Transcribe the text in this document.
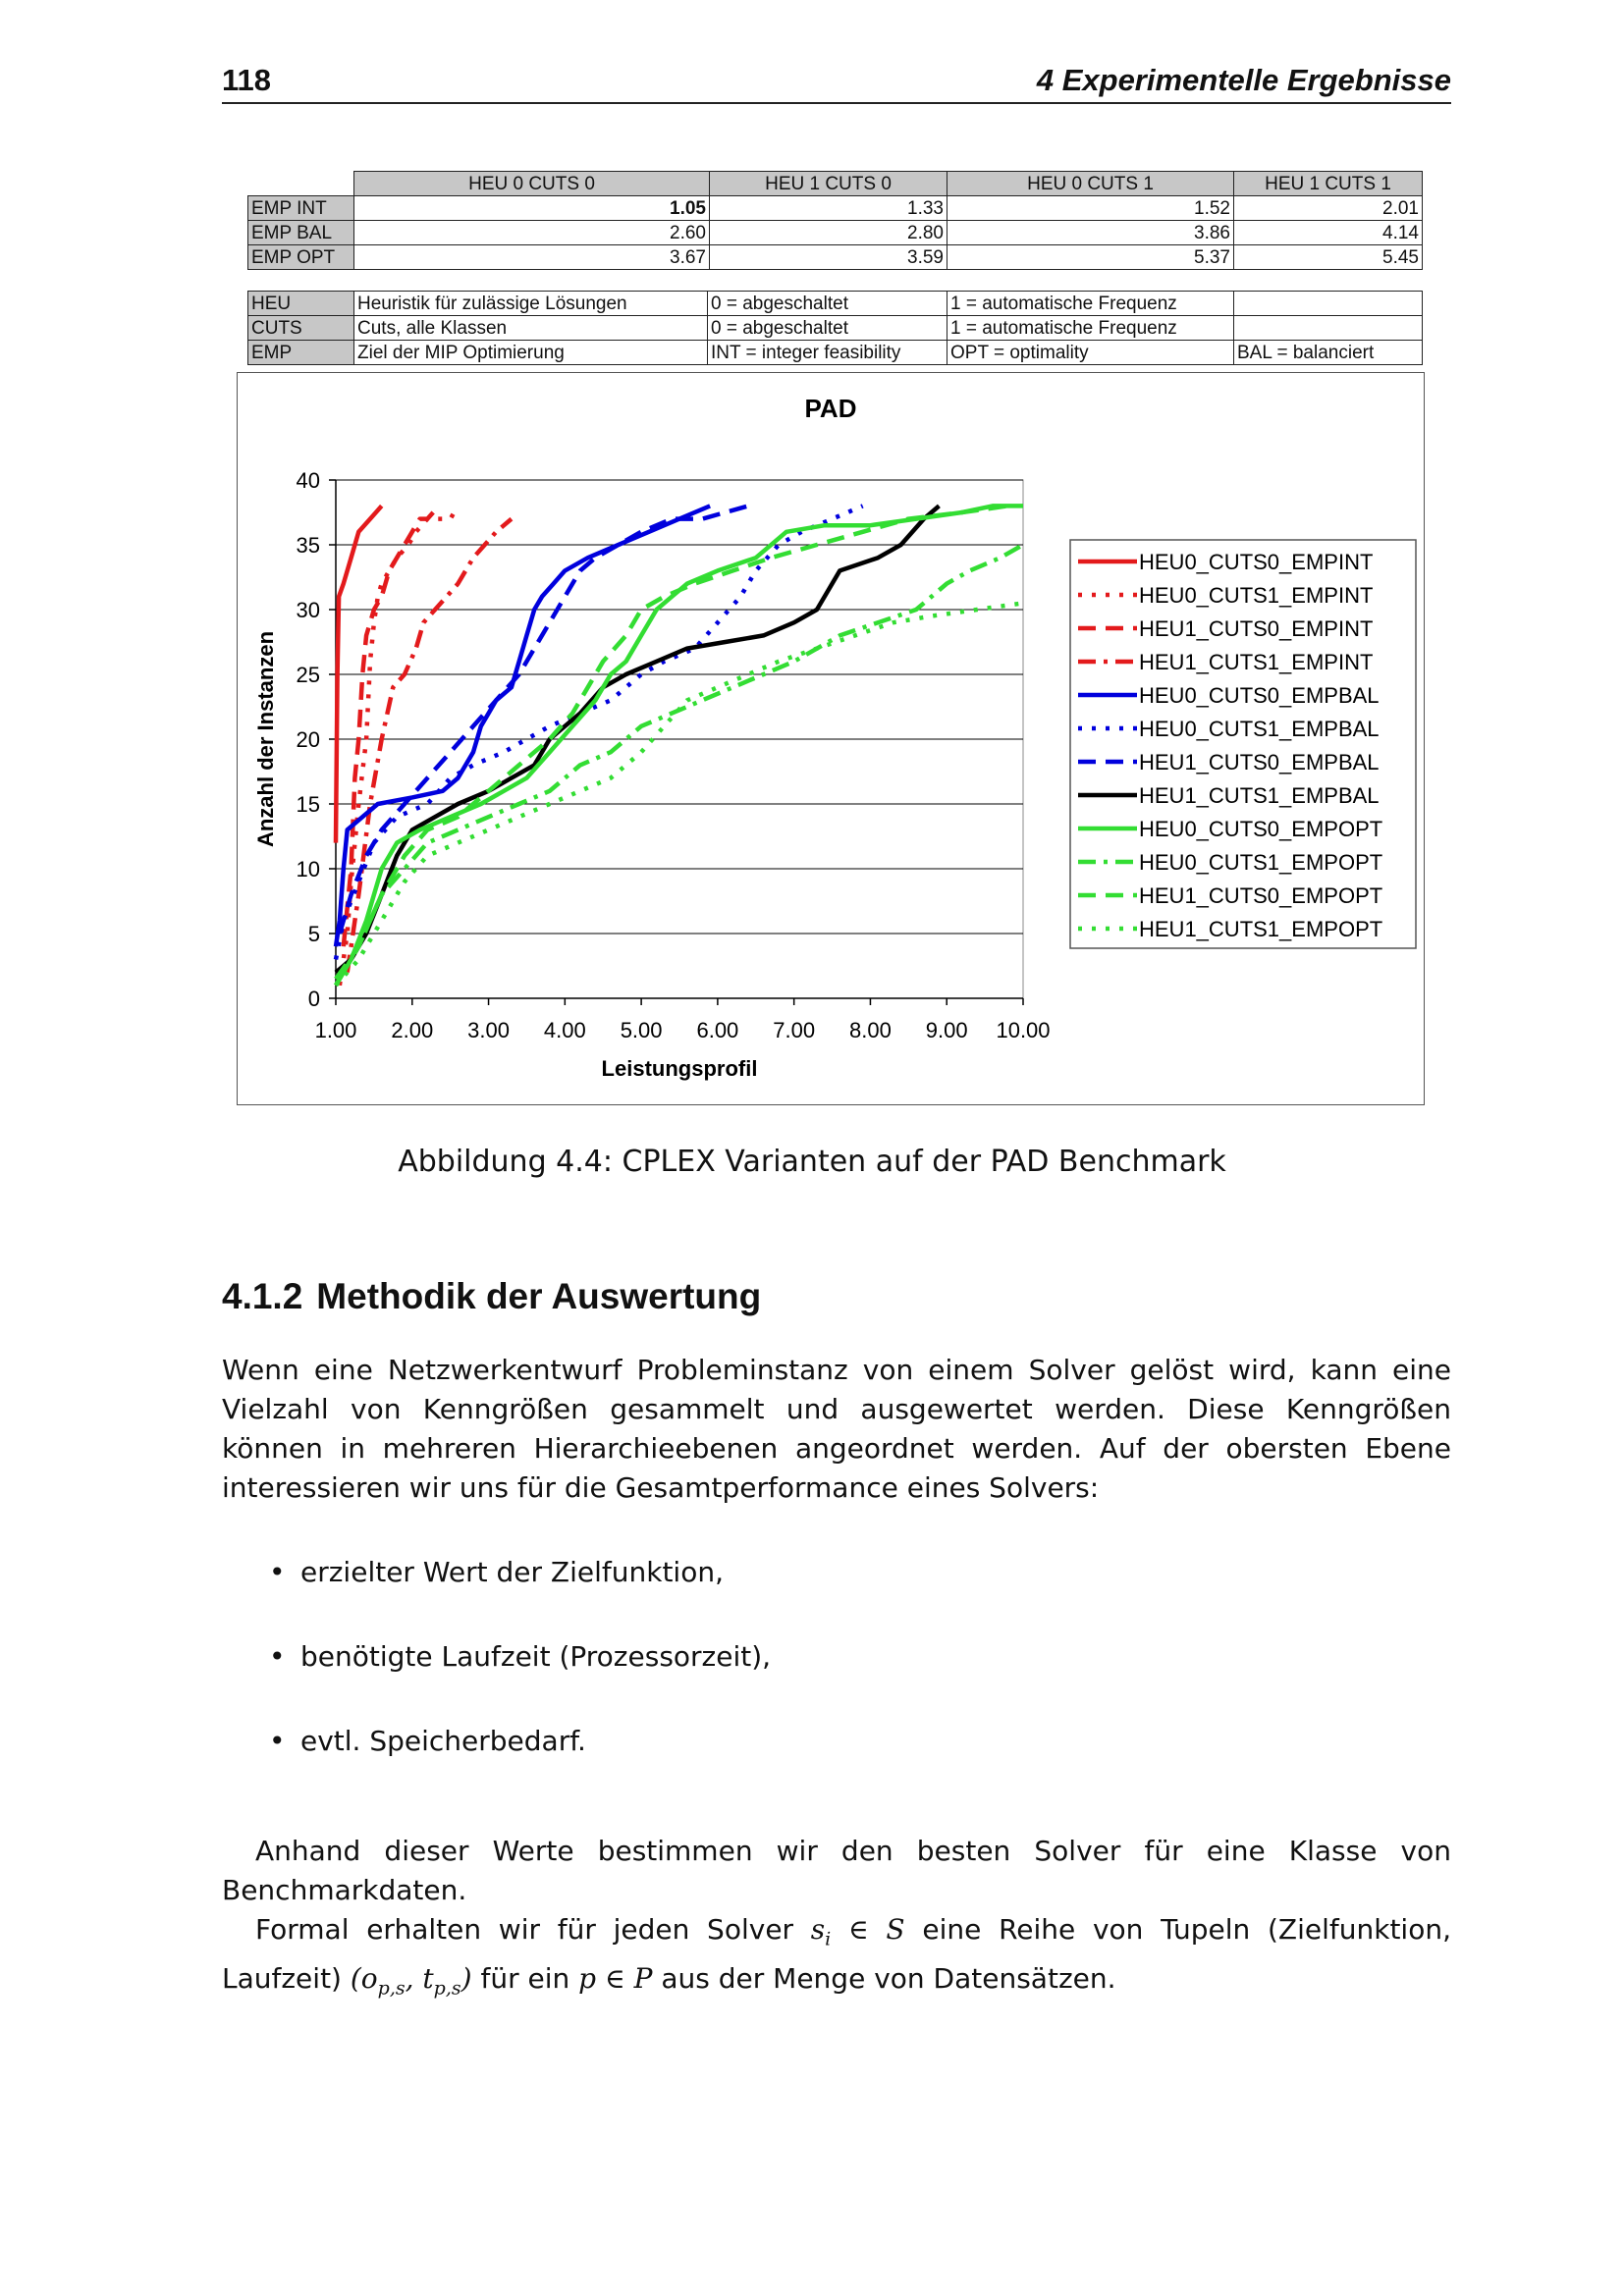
118	4 Experimentelle Ergebnisse
	HEU 0 CUTS 0	HEU 1 CUTS 0	HEU 0 CUTS 1	HEU 1 CUTS 1
EMP INT	1.05	1.33	1.52	2.01
EMP BAL	2.60	2.80	3.86	4.14
EMP OPT	3.67	3.59	5.37	5.45
HEU	Heuristik für zulässige Lösungen	0 = abgeschaltet	1 = automatische Frequenz	
CUTS	Cuts, alle Klassen	0 = abgeschaltet	1 = automatische Frequenz	
EMP	Ziel der MIP Optimierung	INT = integer feasibility	OPT = optimality	BAL = balanciert
PAD
0
5
10
15
20
25
30
35
40
1.00 2.00 3.00 4.00 5.00 6.00 7.00 8.00 9.00 10.00
Leistungsprofil
Anzahl der Instanzen
HEU0_CUTS0_EMPINT
HEU0_CUTS1_EMPINT
HEU1_CUTS0_EMPINT
HEU1_CUTS1_EMPINT
HEU0_CUTS0_EMPBAL
HEU0_CUTS1_EMPBAL
HEU1_CUTS0_EMPBAL
HEU1_CUTS1_EMPBAL
HEU0_CUTS0_EMPOPT
HEU0_CUTS1_EMPOPT
HEU1_CUTS0_EMPOPT
HEU1_CUTS1_EMPOPT
Abbildung 4.4: CPLEX Varianten auf der PAD Benchmark
4.1.2 Methodik der Auswertung
Wenn eine Netzwerkentwurf Probleminstanz von einem Solver gelöst wird, kann eine Vielzahl von Kenngrößen gesammelt und ausgewertet werden. Diese Kenngrößen können in mehreren Hierarchieebenen angeordnet werden. Auf der obersten Ebene interessieren wir uns für die Gesamtperformance eines Solvers:
• erzielter Wert der Zielfunktion,
• benötigte Laufzeit (Prozessorzeit),
• evtl. Speicherbedarf.
Anhand dieser Werte bestimmen wir den besten Solver für eine Klasse von Benchmarkdaten.
Formal erhalten wir für jeden Solver $s_i$ ∈ S eine Reihe von Tupeln (Zielfunktion, Laufzeit) ($o_{p,s}$, $t_{p,s}$) für ein p ∈ P aus der Menge von Datensätzen.
